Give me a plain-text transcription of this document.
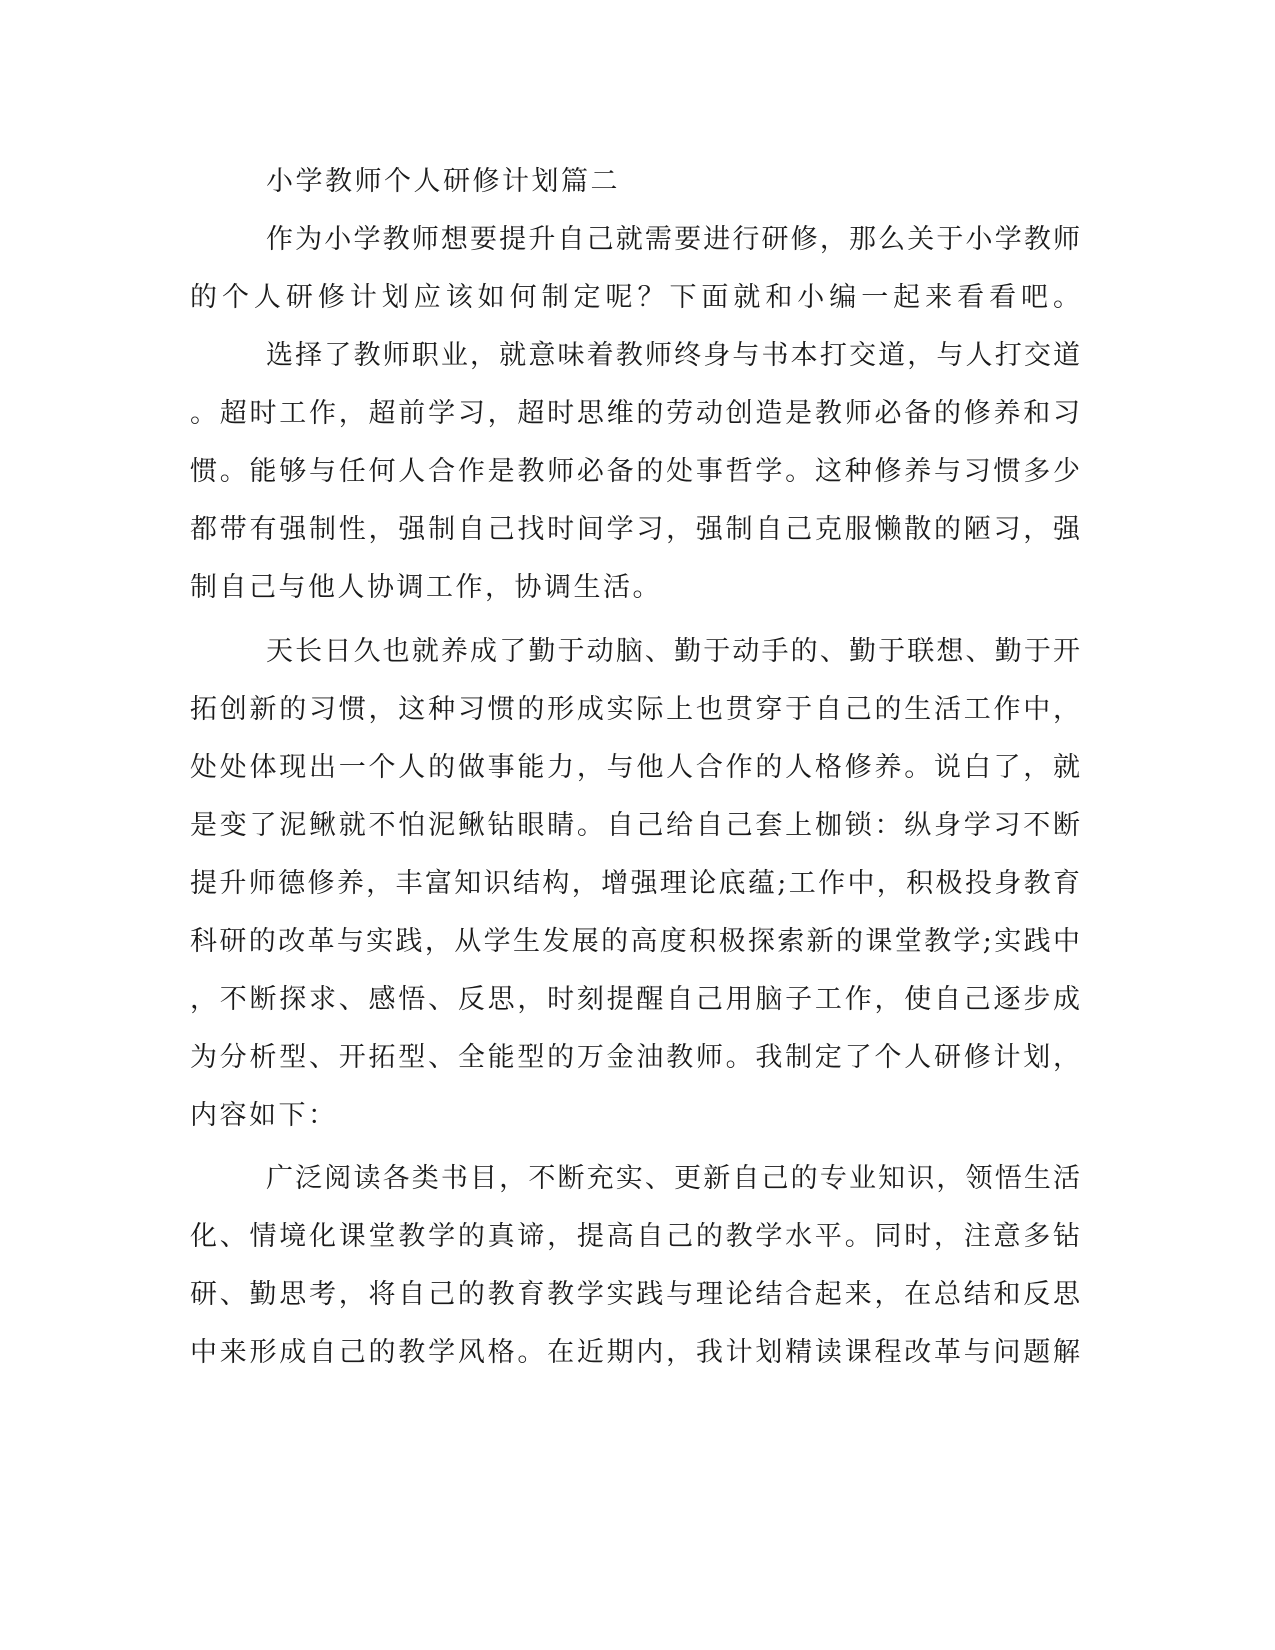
小学教师个人研修计划篇二
作为小学教师想要提升自己就需要进行研修，那么关于小学教师
的个人研修计划应该如何制定呢？下面就和小编一起来看看吧。
选择了教师职业，就意味着教师终身与书本打交道，与人打交道
。超时工作，超前学习，超时思维的劳动创造是教师必备的修养和习
惯。能够与任何人合作是教师必备的处事哲学。这种修养与习惯多少
都带有强制性，强制自己找时间学习，强制自己克服懒散的陋习，强
制自己与他人协调工作，协调生活。
天长日久也就养成了勤于动脑、勤于动手的、勤于联想、勤于开
拓创新的习惯，这种习惯的形成实际上也贯穿于自己的生活工作中，
处处体现出一个人的做事能力，与他人合作的人格修养。说白了，就
是变了泥鳅就不怕泥鳅钻眼睛。自己给自己套上枷锁：纵身学习不断
提升师德修养，丰富知识结构，增强理论底蕴;工作中，积极投身教育
科研的改革与实践，从学生发展的高度积极探索新的课堂教学;实践中
，不断探求、感悟、反思，时刻提醒自己用脑子工作，使自己逐步成
为分析型、开拓型、全能型的万金油教师。我制定了个人研修计划，
内容如下：
广泛阅读各类书目，不断充实、更新自己的专业知识，领悟生活
化、情境化课堂教学的真谛，提高自己的教学水平。同时，注意多钻
研、勤思考，将自己的教育教学实践与理论结合起来，在总结和反思
中来形成自己的教学风格。在近期内，我计划精读课程改革与问题解
